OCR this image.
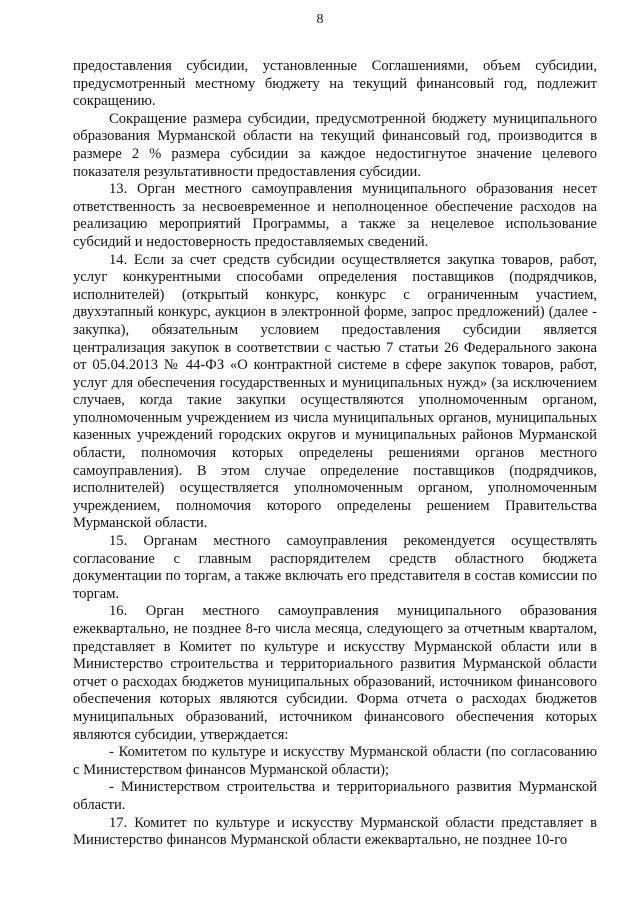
8

предоставления субсидии, установленные Соглашениями, объем субсидии, предусмотренный местному бюджету на текущий финансовый год, подлежит сокращению.

Сокращение размера субсидии, предусмотренной бюджету муниципального образования Мурманской области на текущий финансовый год, производится в размере 2 % размера субсидии за каждое недостигнутое значение целевого показателя результативности предоставления субсидии.

13. Орган местного самоуправления муниципального образования несет ответственность за несвоевременное и неполноценное обеспечение расходов на реализацию мероприятий Программы, а также за нецелевое использование субсидий и недостоверность предоставляемых сведений.

14. Если за счет средств субсидии осуществляется закупка товаров, работ, услуг конкурентными способами определения поставщиков (подрядчиков, исполнителей) (открытый конкурс, конкурс с ограниченным участием, двухэтапный конкурс, аукцион в электронной форме, запрос предложений) (далее - закупка), обязательным условием предоставления субсидии является централизация закупок в соответствии с частью 7 статьи 26 Федерального закона от 05.04.2013 № 44-ФЗ «О контрактной системе в сфере закупок товаров, работ, услуг для обеспечения государственных и муниципальных нужд» (за исключением случаев, когда такие закупки осуществляются уполномоченным органом, уполномоченным учреждением из числа муниципальных органов, муниципальных казенных учреждений городских округов и муниципальных районов Мурманской области, полномочия которых определены решениями органов местного самоуправления). В этом случае определение поставщиков (подрядчиков, исполнителей) осуществляется уполномоченным органом, уполномоченным учреждением, полномочия которого определены решением Правительства Мурманской области.

15. Органам местного самоуправления рекомендуется осуществлять согласование с главным распорядителем средств областного бюджета документации по торгам, а также включать его представителя в состав комиссии по торгам.

16. Орган местного самоуправления муниципального образования ежеквартально, не позднее 8-го числа месяца, следующего за отчетным кварталом, представляет в Комитет по культуре и искусству Мурманской области или в Министерство строительства и территориального развития Мурманской области отчет о расходах бюджетов муниципальных образований, источником финансового обеспечения которых являются субсидии. Форма отчета о расходах бюджетов муниципальных образований, источником финансового обеспечения которых являются субсидии, утверждается:

- Комитетом по культуре и искусству Мурманской области (по согласованию с Министерством финансов Мурманской области);

- Министерством строительства и территориального развития Мурманской области.

17. Комитет по культуре и искусству Мурманской области представляет в Министерство финансов Мурманской области ежеквартально, не позднее 10-го
